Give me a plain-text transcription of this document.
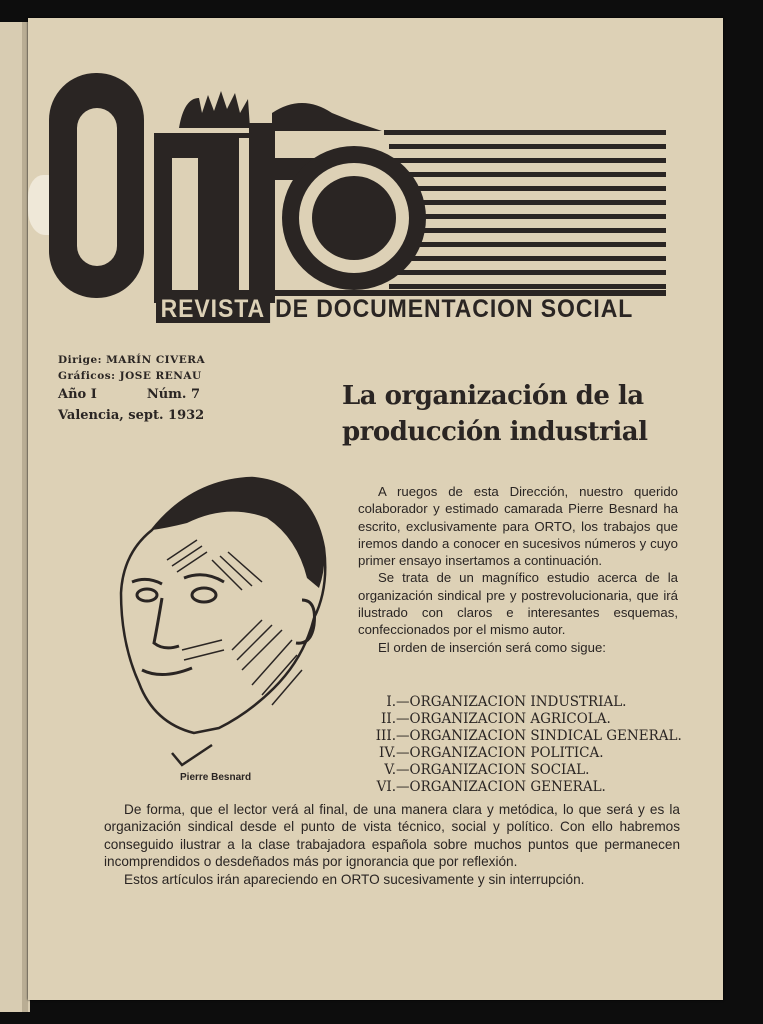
REVISTA DE DOCUMENTACION SOCIAL
Dirige: MARÍN CIVERA
Gráficos: JOSE RENAU
Año I	Núm. 7
Valencia, sept. 1932
La organización de la
producción industrial
Pierre Besnard

A ruegos de esta Dirección, nuestro querido colaborador y estimado camarada Pierre Besnard ha escrito, exclusivamente para ORTO, los trabajos que iremos dando a conocer en sucesivos números y cuyo primer ensayo insertamos a continuación.

Se trata de un magnífico estudio acerca de la organización sindical pre y postrevolucionaria, que irá ilustrado con claros e interesantes esquemas, confeccionados por el mismo autor.

El orden de inserción será como sigue:

I. —ORGANIZACION INDUSTRIAL.
II. —ORGANIZACION AGRICOLA.
III. —ORGANIZACION SINDICAL GENERAL.
IV. —ORGANIZACION POLITICA.
V. —ORGANIZACION SOCIAL.
VI. —ORGANIZACION GENERAL.

De forma, que el lector verá al final, de una manera clara y metódica, lo que será y es la organización sindical desde el punto de vista técnico, social y político. Con ello habremos conseguido ilustrar a la clase trabajadora española sobre muchos puntos que permanecen incomprendidos o desdeñados más por ignorancia que por reflexión.

Estos artículos irán apareciendo en ORTO sucesivamente y sin interrupción.
